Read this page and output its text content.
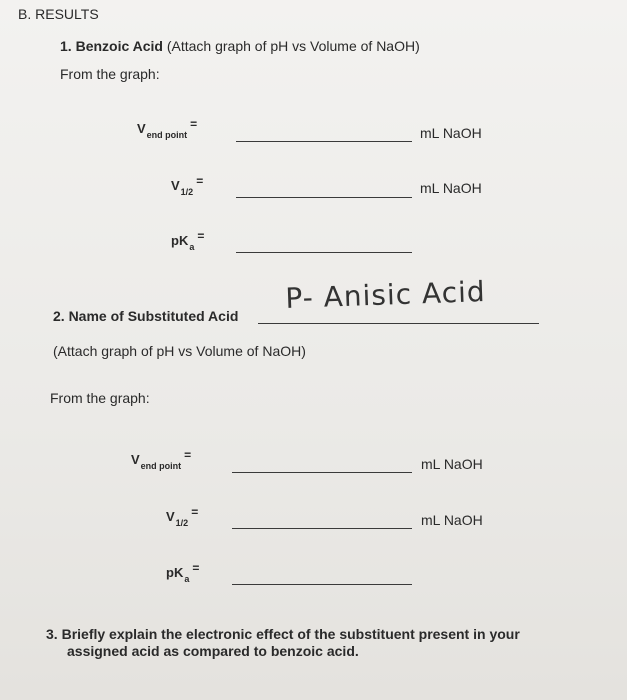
B. RESULTS
1. Benzoic Acid (Attach graph of pH vs Volume of NaOH)
From the graph:
$V_{end point}=$
mL NaOH
$V_{1/2}=$	mL NaOH
$pK_a=$
2. Name of Substituted Acid
P- Anisic Acid
(Attach graph of pH vs Volume of NaOH)
From the graph:
$V_{end point}=$
mL NaOH
$V_{1/2}=$	mL NaOH
$pK_a=$
3. Briefly explain the electronic effect of the substituent present in your
assigned acid as compared to benzoic acid.
